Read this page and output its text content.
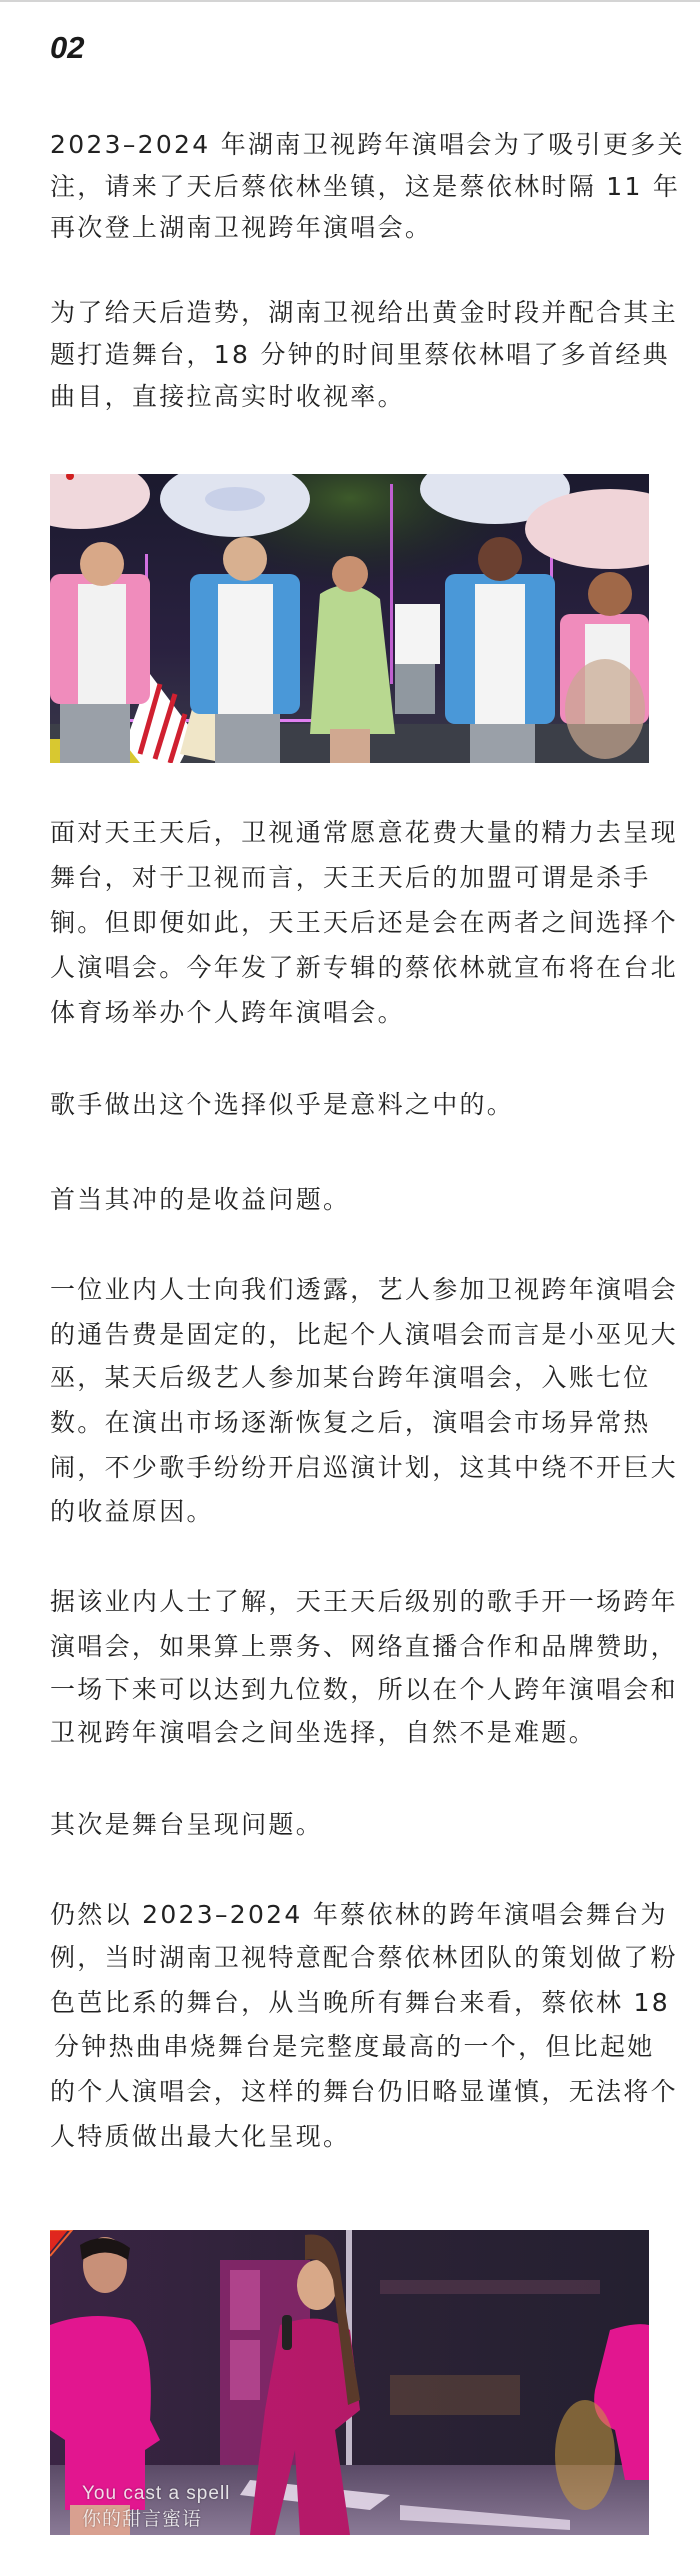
02
2023–2024 年湖南卫视跨年演唱会为了吸引更多关
注，请来了天后蔡依林坐镇，这是蔡依林时隔 11 年
再次登上湖南卫视跨年演唱会。
为了给天后造势，湖南卫视给出黄金时段并配合其主
题打造舞台，18 分钟的时间里蔡依林唱了多首经典
曲目，直接拉高实时收视率。
面对天王天后，卫视通常愿意花费大量的精力去呈现
舞台，对于卫视而言，天王天后的加盟可谓是杀手
锏。但即便如此，天王天后还是会在两者之间选择个
人演唱会。今年发了新专辑的蔡依林就宣布将在台北
体育场举办个人跨年演唱会。
歌手做出这个选择似乎是意料之中的。
首当其冲的是收益问题。
一位业内人士向我们透露，艺人参加卫视跨年演唱会
的通告费是固定的，比起个人演唱会而言是小巫见大
巫，某天后级艺人参加某台跨年演唱会，入账七位
数。在演出市场逐渐恢复之后，演唱会市场异常热
闹，不少歌手纷纷开启巡演计划，这其中绕不开巨大
的收益原因。
据该业内人士了解，天王天后级别的歌手开一场跨年
演唱会，如果算上票务、网络直播合作和品牌赞助，
一场下来可以达到九位数，所以在个人跨年演唱会和
卫视跨年演唱会之间坐选择，自然不是难题。
其次是舞台呈现问题。
仍然以 2023–2024 年蔡依林的跨年演唱会舞台为
例，当时湖南卫视特意配合蔡依林团队的策划做了粉
色芭比系的舞台，从当晚所有舞台来看，蔡依林 18
分钟热曲串烧舞台是完整度最高的一个，但比起她
的个人演唱会，这样的舞台仍旧略显谨慎，无法将个
人特质做出最大化呈现。
You cast a spell
你的甜言蜜语
